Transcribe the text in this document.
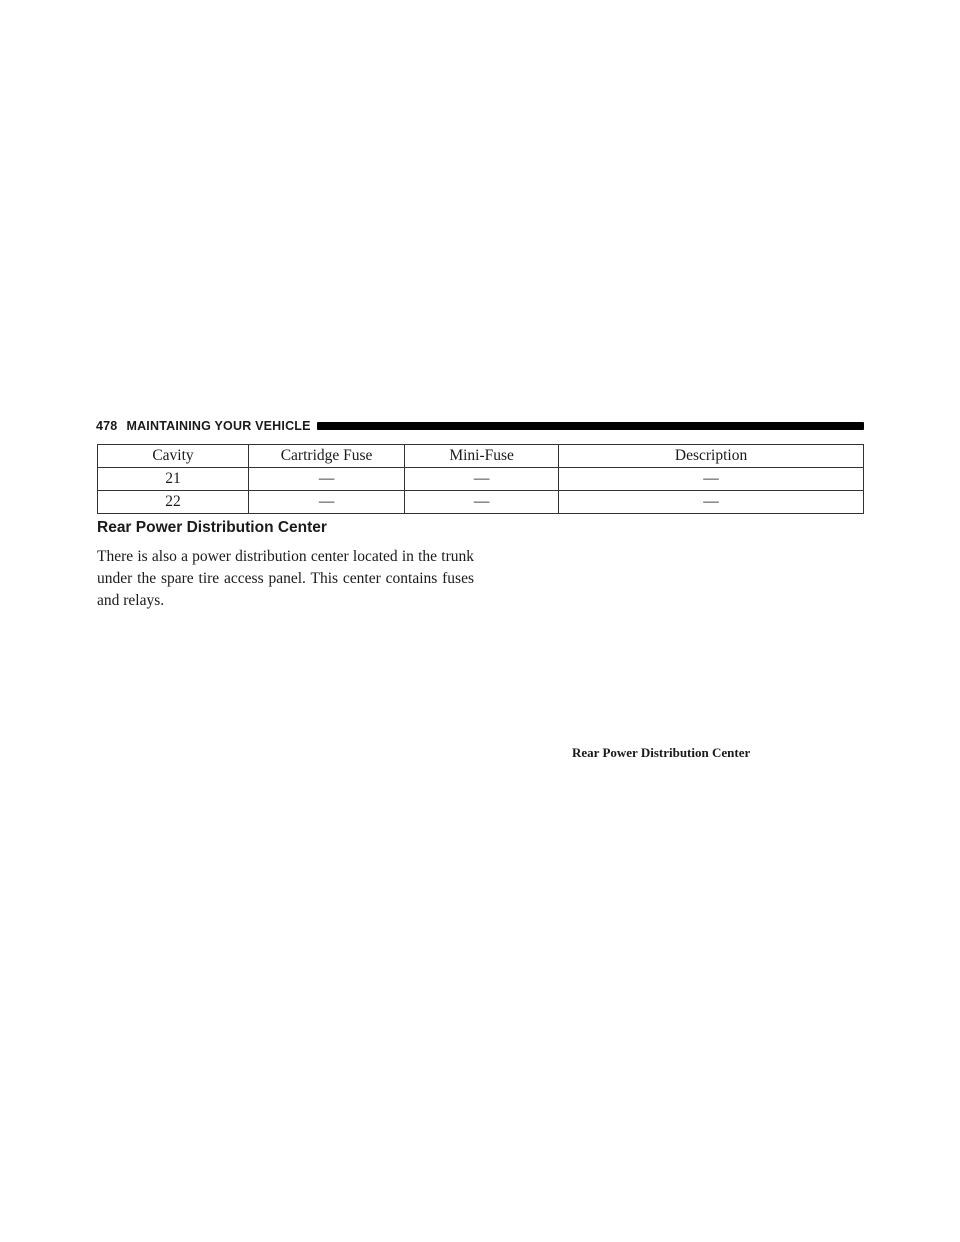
478 MAINTAINING YOUR VEHICLE
Cavity	Cartridge Fuse	Mini-Fuse	Description
21	—	—	—
22	—	—	—
Rear Power Distribution Center

There is also a power distribution center located in the trunk under the spare tire access panel. This center contains fuses and relays.

Rear Power Distribution Center
